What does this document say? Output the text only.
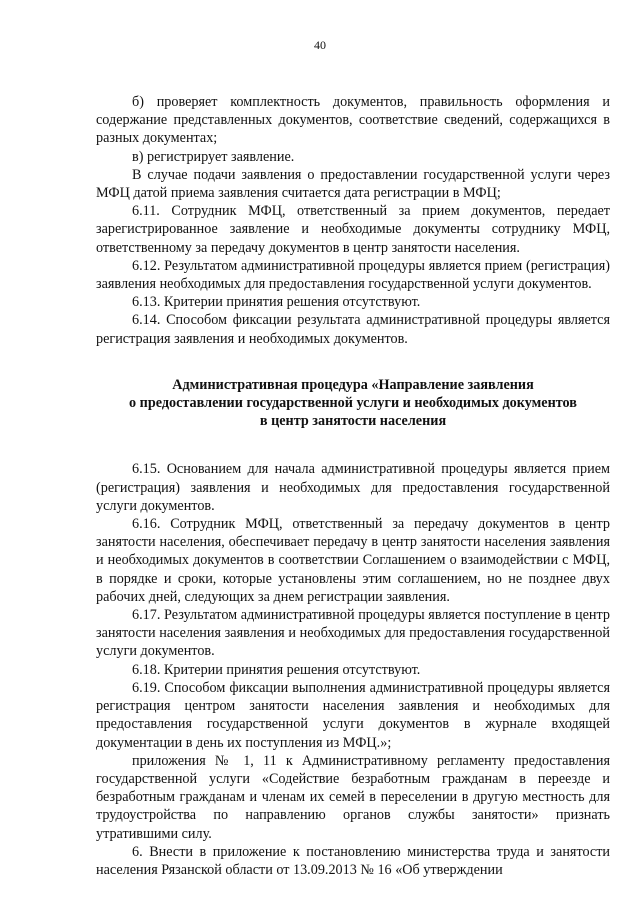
40

б) проверяет комплектность документов, правильность оформления и содержание представленных документов, соответствие сведений, содержащихся в разных документах;

в) регистрирует заявление.

В случае подачи заявления о предоставлении государственной услуги через МФЦ датой приема заявления считается дата регистрации в МФЦ;

6.11. Сотрудник МФЦ, ответственный за прием документов, передает зарегистрированное заявление и необходимые документы сотруднику МФЦ, ответственному за передачу документов в центр занятости населения.

6.12. Результатом административной процедуры является прием (регистрация) заявления необходимых для предоставления государственной услуги документов.

6.13. Критерии принятия решения отсутствуют.

6.14. Способом фиксации результата административной процедуры является регистрация заявления и необходимых документов.

Административная процедура «Направление заявления
о предоставлении государственной услуги и необходимых документов
в центр занятости населения

6.15. Основанием для начала административной процедуры является прием (регистрация) заявления и необходимых для предоставления государственной услуги документов.

6.16. Сотрудник МФЦ, ответственный за передачу документов в центр занятости населения, обеспечивает передачу в центр занятости населения заявления и необходимых документов в соответствии Соглашением о взаимодействии с МФЦ, в порядке и сроки, которые установлены этим соглашением, но не позднее двух рабочих дней, следующих за днем регистрации заявления.

6.17. Результатом административной процедуры является поступление в центр занятости населения заявления и необходимых для предоставления государственной услуги документов.

6.18. Критерии принятия решения отсутствуют.

6.19. Способом фиксации выполнения административной процедуры является регистрация центром занятости населения заявления и необходимых для предоставления государственной услуги документов в журнале входящей документации в день их поступления из МФЦ.»;

приложения № 1, 11 к Административному регламенту предоставления государственной услуги «Содействие безработным гражданам в переезде и безработным гражданам и членам их семей в переселении в другую местность для трудоустройства по направлению органов службы занятости» признать утратившими силу.

6. Внести в приложение к постановлению министерства труда и занятости населения Рязанской области от 13.09.2013 № 16 «Об утверждении
